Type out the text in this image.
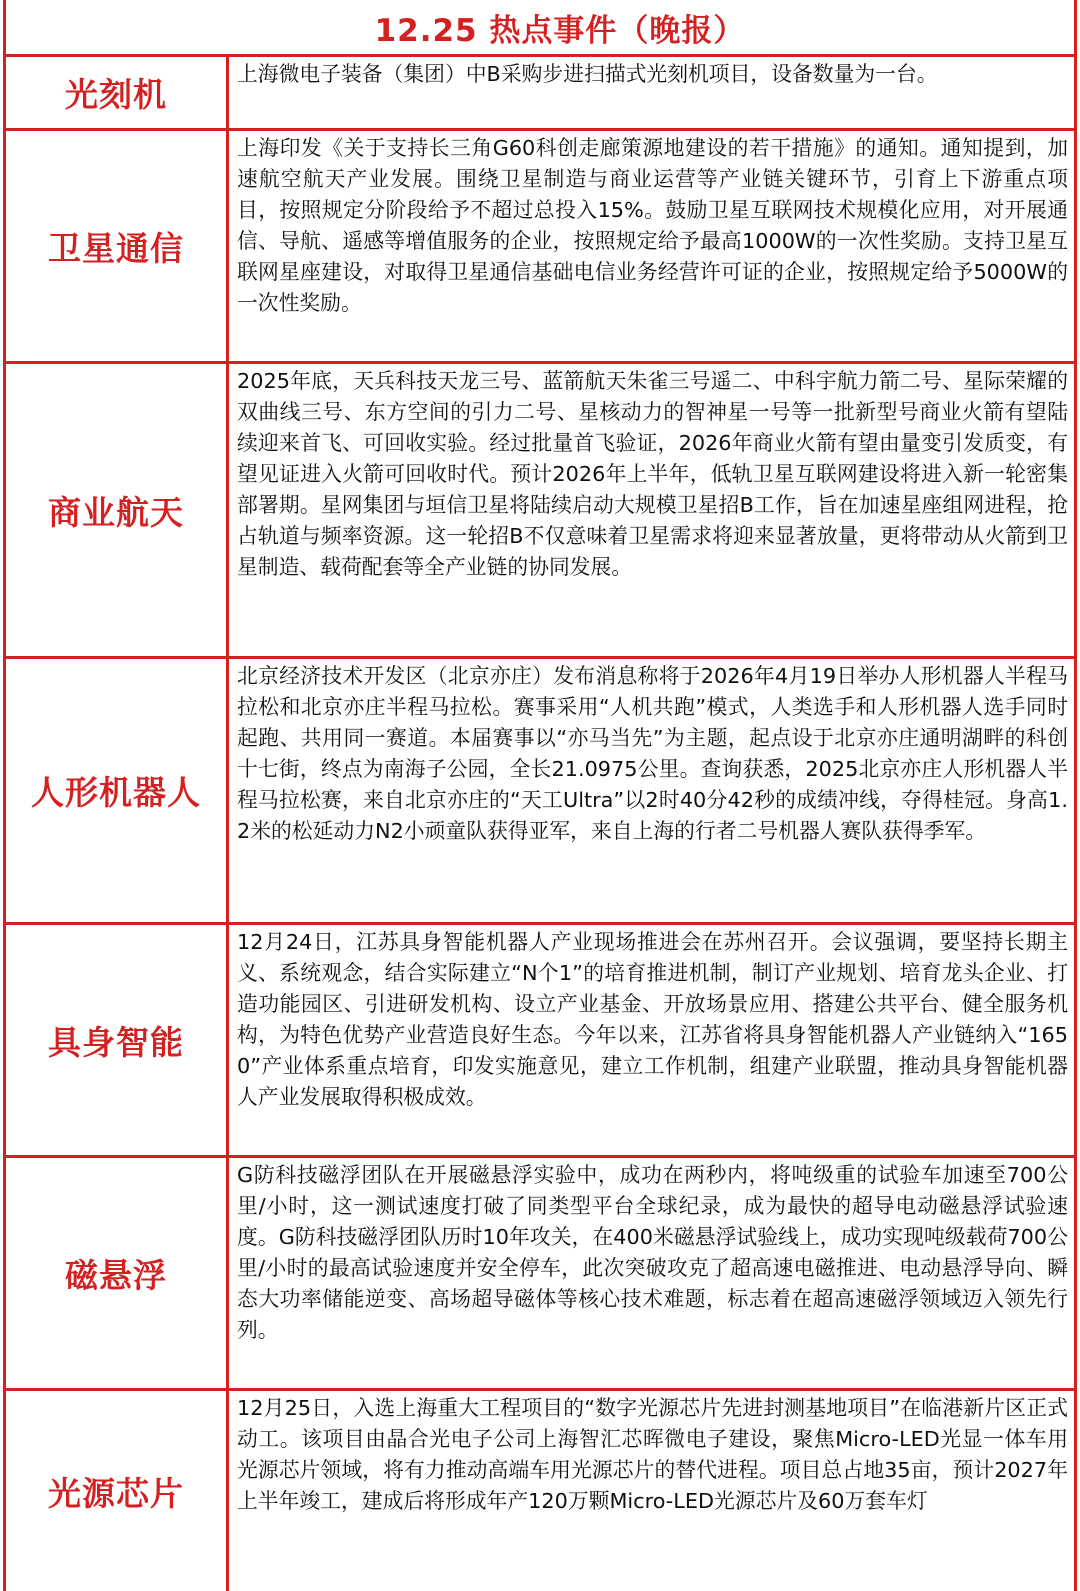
12.25 热点事件（晚报）
光刻机
上海微电子装备（集团）中B采购步进扫描式光刻机项目，设备数量为一台。
卫星通信
上海印发《关于支持长三角G60科创走廊策源地建设的若干措施》的通知。通知提到，加速航空航天产业发展。围绕卫星制造与商业运营等产业链关键环节，引育上下游重点项目，按照规定分阶段给予不超过总投入15%。鼓励卫星互联网技术规模化应用，对开展通信、导航、遥感等增值服务的企业，按照规定给予最高1000W的一次性奖励。支持卫星互联网星座建设，对取得卫星通信基础电信业务经营许可证的企业，按照规定给予5000W的一次性奖励。
商业航天
2025年底，天兵科技天龙三号、蓝箭航天朱雀三号遥二、中科宇航力箭二号、星际荣耀的双曲线三号、东方空间的引力二号、星核动力的智神星一号等一批新型号商业火箭有望陆续迎来首飞、可回收实验。经过批量首飞验证，2026年商业火箭有望由量变引发质变，有望见证进入火箭可回收时代。预计2026年上半年，低轨卫星互联网建设将进入新一轮密集部署期。星网集团与垣信卫星将陆续启动大规模卫星招B工作，旨在加速星座组网进程，抢占轨道与频率资源。这一轮招B不仅意味着卫星需求将迎来显著放量，更将带动从火箭到卫星制造、载荷配套等全产业链的协同发展。
人形机器人
北京经济技术开发区（北京亦庄）发布消息称将于2026年4月19日举办人形机器人半程马拉松和北京亦庄半程马拉松。赛事采用“人机共跑”模式，人类选手和人形机器人选手同时起跑、共用同一赛道。本届赛事以“亦马当先”为主题，起点设于北京亦庄通明湖畔的科创十七街，终点为南海子公园，全长21.0975公里。查询获悉，2025北京亦庄人形机器人半程马拉松赛，来自北京亦庄的“天工Ultra”以2时40分42秒的成绩冲线，夺得桂冠。身高1.2米的松延动力N2小顽童队获得亚军，来自上海的行者二号机器人赛队获得季军。
具身智能
12月24日，江苏具身智能机器人产业现场推进会在苏州召开。会议强调，要坚持长期主义、系统观念，结合实际建立“N个1”的培育推进机制，制订产业规划、培育龙头企业、打造功能园区、引进研发机构、设立产业基金、开放场景应用、搭建公共平台、健全服务机构，为特色优势产业营造良好生态。今年以来，江苏省将具身智能机器人产业链纳入“1650”产业体系重点培育，印发实施意见，建立工作机制，组建产业联盟，推动具身智能机器人产业发展取得积极成效。
磁悬浮
G防科技磁浮团队在开展磁悬浮实验中，成功在两秒内，将吨级重的试验车加速至700公里/小时，这一测试速度打破了同类型平台全球纪录，成为最快的超导电动磁悬浮试验速度。G防科技磁浮团队历时10年攻关，在400米磁悬浮试验线上，成功实现吨级载荷700公里/小时的最高试验速度并安全停车，此次突破攻克了超高速电磁推进、电动悬浮导向、瞬态大功率储能逆变、高场超导磁体等核心技术难题，标志着在超高速磁浮领域迈入领先行列。
光源芯片
12月25日，入选上海重大工程项目的“数字光源芯片先进封测基地项目”在临港新片区正式动工。该项目由晶合光电子公司上海智汇芯晖微电子建设，聚焦Micro-LED光显一体车用光源芯片领域，将有力推动高端车用光源芯片的替代进程。项目总占地35亩，预计2027年上半年竣工，建成后将形成年产120万颗Micro-LED光源芯片及60万套车灯
